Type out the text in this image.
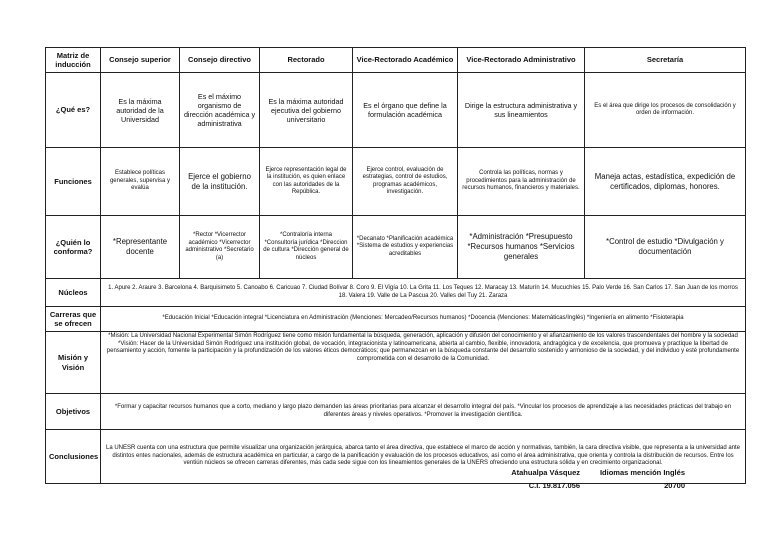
Matriz de inducción	Consejo superior	Consejo directivo	Rectorado	Vice-Rectorado Académico	Vice-Rectorado Administrativo	Secretaría
¿Qué es?	Es la máxima autoridad de la Universidad	Es el máximo organismo de dirección académica y administrativa	Es la máxima autoridad ejecutiva del gobierno universitario	Es el órgano que define la formulación académica	Dirige la estructura administrativa y sus lineamientos	Es el área que dirige los procesos de consolidación y orden de información.
Funciones	Establece políticas generales, supervisa y evalúa	Ejerce el gobierno de la institución.	Ejerce representación legal de la institución, es quien enlace con las autoridades de la República.	Ejerce control, evaluación de estrategias, control de estudios, programas académicos, investigación.	Controla las políticas, normas y procedimientos para la administración de recursos humanos, financieros y materiales.	Maneja actas, estadística, expedición de certificados, diplomas, honores.
¿Quién lo conforma?	*Representante docente	*Rector *Vicerrector académico *Vicerrector administrativo *Secretario (a)	*Contraloría interna *Consultoría jurídica *Direccion de cultura *Dirección general de núcleos	*Decanato *Planificación académica *Sistema de estudios y experiencias acreditables	*Administración *Presupuesto *Recursos humanos *Servicios generales	*Control de estudio *Divulgación y documentación
Núcleos	1. Apure 2. Araure 3. Barcelona 4. Barquisimeto 5. Canoabo 6. Caricuao 7. Ciudad Bolívar 8. Coro 9. El Vigía 10. La Grita 11. Los Teques 12. Maracay 13. Maturín 14. Mucuchíes 15. Palo Verde 16. San Carlos 17. San Juan de los morros 18. Valera 19. Valle de La Pascua 20. Valles del Tuy 21. Zaraza					
Carreras que se ofrecen	*Educación Inicial *Educación integral *Licenciatura en Administración (Menciones: Mercadeo/Recursos humanos) *Docencia (Menciones: Matemáticas/Inglés) *Ingeniería en alimento *Fisioterapia					
Misión y Visión	*Misión: La Universidad Nacional Experimental Simón Rodríguez tiene como misión fundamental la búsqueda, generación, aplicación y difusión del conocimiento y el afianzamiento de los valores trascendentales del hombre y la sociedad *Visión: Hacer de la Universidad Simón Rodríguez una institución global, de vocación, integracionista y latinoamericana, abierta al cambio, flexible, innovadora, andragógica y de excelencia, que promueva y practique la libertad de pensamiento y acción, fomente la participación y la profundización de los valores éticos democráticos; que permanezcan en la búsqueda constante del desarrollo sostenido y armonioso de la sociedad, y del individuo y esté profundamente comprometida con el desarrollo de la Comunidad.					
Objetivos	*Formar y capacitar recursos humanos que a corto, mediano y largo plazo demanden las áreas prioritarias para alcanzar el desarrollo integral del país. *Vincular los procesos de aprendizaje a las necesidades prácticas del trabajo en diferentes áreas y niveles operativos. *Promover la investigación científica.					
Conclusiones	La UNESR cuenta con una estructura que permite visualizar una organización jerárquica, abarca tanto el área directiva, que establece el marco de acción y normativas, también, la cara directiva visible, que representa a la universidad ante distintos entes nacionales, además de estructura académica en particular, a cargo de la panificación y evaluación de los procesos educativos, así como el área administrativa, que orienta y controla la distribución de recursos. Entre los ventiún núcleos se ofrecen carreras diferentes, más cada sede sigue con los lineamientos generales de la UNERS ofreciendo una estructura sólida y en crecimiento organizacional.					
Atahualpa Vásquez
C.I. 19.817.056
Idiomas mención Inglés
20700
